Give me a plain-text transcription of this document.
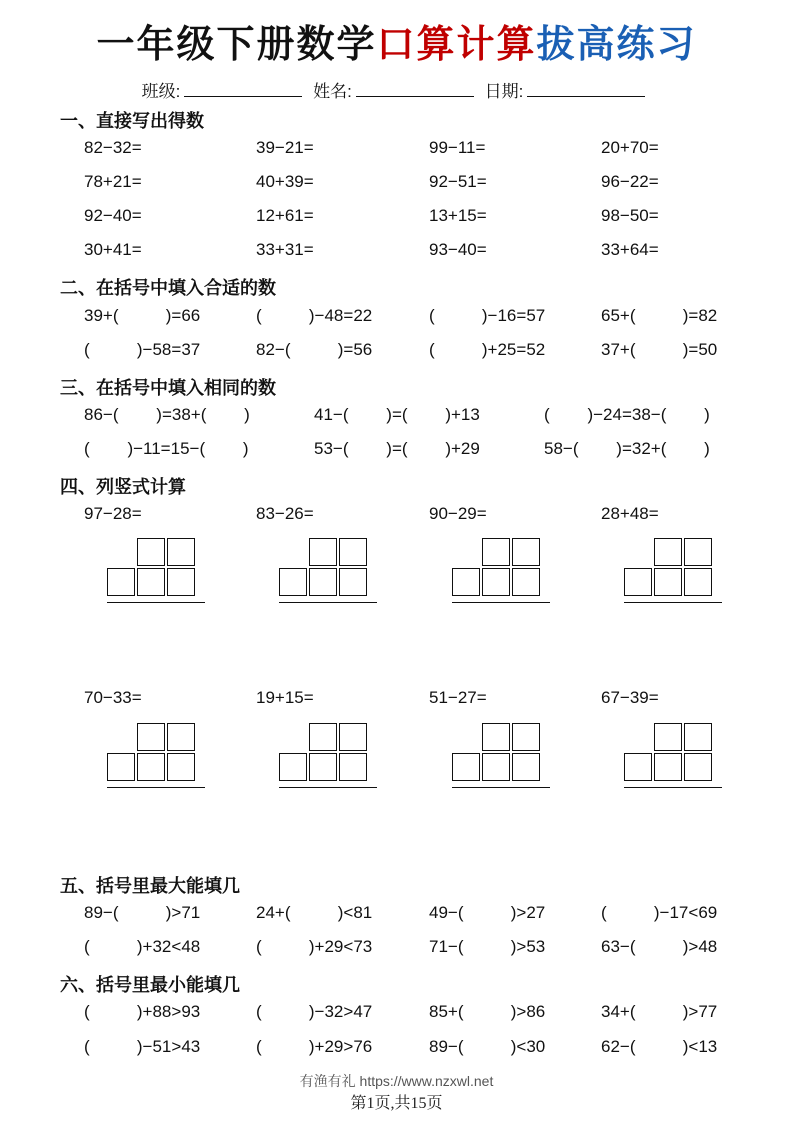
一年级下册数学口算计算拔高练习
班级:	姓名:	日期:
一、直接写出得数
82−32=	39−21=	99−11=	20+70=
78+21=	40+39=	92−51=	96−22=
92−40=	12+61=	13+15=	98−50=
30+41=	33+31=	93−40=	33+64=
二、在括号中填入合适的数
39+(          )=66	(          )−48=22	(          )−16=57	65+(          )=82
(          )−58=37	82−(          )=56	(          )+25=52	37+(          )=50
三、在括号中填入相同的数
86−(        )=38+(        )	41−(        )=(        )+13	(        )−24=38−(        )
(        )−11=15−(        )	53−(        )=(        )+29	58−(        )=32+(        )
四、列竖式计算
97−28=	83−26=	90−29=	28+48=
70−33=	19+15=	51−27=	67−39=
五、括号里最大能填几
89−(          )>71	24+(          )<81	49−(          )>27	(          )−17<69
(          )+32<48	(          )+29<73	71−(          )>53	63−(          )>48
六、括号里最小能填几
(          )+88>93	(          )−32>47	85+(          )>86	34+(          )>77
(          )−51>43	(          )+29>76	89−(          )<30	62−(          )<13
有渔有礼 https://www.nzxwl.net
第1页,共15页
